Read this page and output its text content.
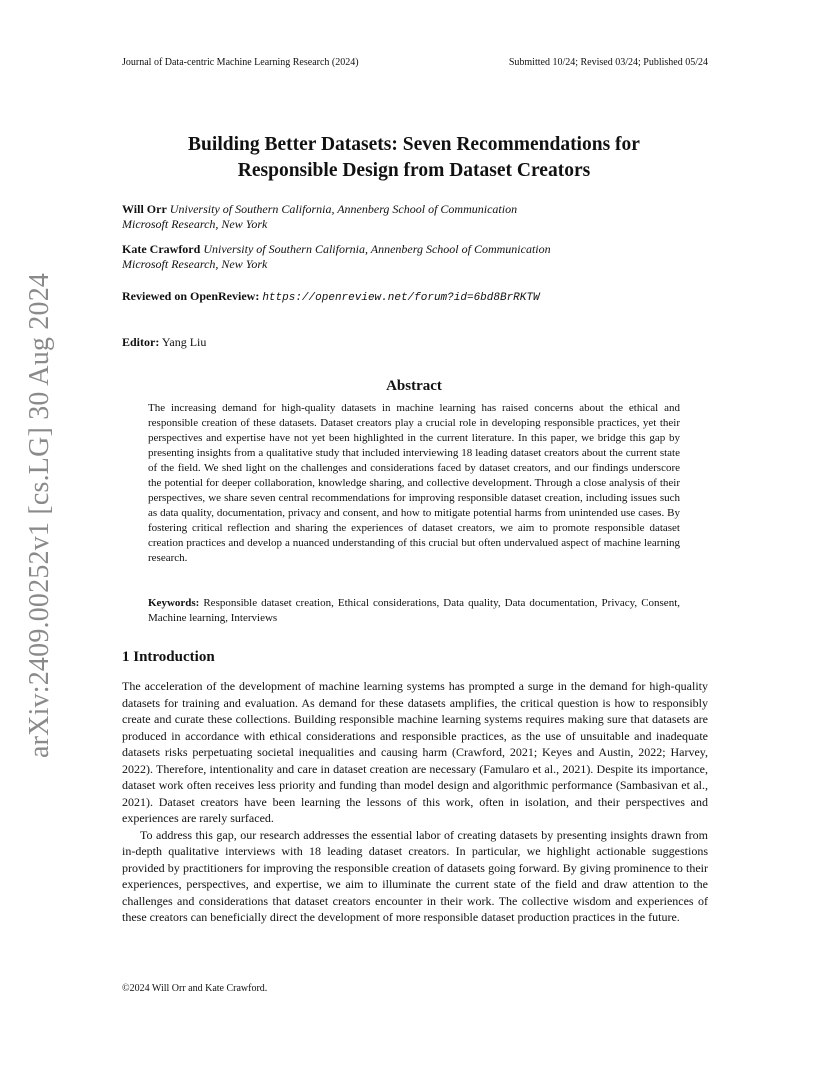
Journal of Data-centric Machine Learning Research (2024)	Submitted 10/24; Revised 03/24; Published 05/24
arXiv:2409.00252v1 [cs.LG] 30 Aug 2024
Building Better Datasets: Seven Recommendations for
Responsible Design from Dataset Creators
Will Orr University of Southern California, Annenberg School of Communication
Microsoft Research, New York
Kate Crawford University of Southern California, Annenberg School of Communication
Microsoft Research, New York
Reviewed on OpenReview: https://openreview.net/forum?id=6bd8BrRKTW
Editor: Yang Liu
Abstract
The increasing demand for high-quality datasets in machine learning has raised concerns about the ethical and responsible creation of these datasets. Dataset creators play a crucial role in developing responsible practices, yet their perspectives and expertise have not yet been highlighted in the current literature. In this paper, we bridge this gap by presenting insights from a qualitative study that included interviewing 18 leading dataset creators about the current state of the field. We shed light on the challenges and considerations faced by dataset creators, and our findings underscore the potential for deeper collaboration, knowledge sharing, and collective development. Through a close analysis of their perspectives, we share seven central recommendations for improving responsible dataset creation, including issues such as data quality, documentation, privacy and consent, and how to mitigate potential harms from unintended use cases. By fostering critical reflection and sharing the experiences of dataset creators, we aim to promote responsible dataset creation practices and develop a nuanced understanding of this crucial but often undervalued aspect of machine learning research.
Keywords: Responsible dataset creation, Ethical considerations, Data quality, Data documentation, Privacy, Consent, Machine learning, Interviews
1 Introduction

The acceleration of the development of machine learning systems has prompted a surge in the demand for high-quality datasets for training and evaluation. As demand for these datasets amplifies, the critical question is how to responsibly create and curate these collections. Building responsible machine learning systems requires making sure that datasets are produced in accordance with ethical considerations and responsible practices, as the use of unsuitable and inadequate datasets risks perpetuating societal inequalities and causing harm (Crawford, 2021; Keyes and Austin, 2022; Harvey, 2022). Therefore, intentionality and care in dataset creation are necessary (Famularo et al., 2021). Despite its importance, dataset work often receives less priority and funding than model design and algorithmic performance (Sambasivan et al., 2021). Dataset creators have been learning the lessons of this work, often in isolation, and their perspectives and experiences are rarely surfaced.

To address this gap, our research addresses the essential labor of creating datasets by presenting insights drawn from in-depth qualitative interviews with 18 leading dataset creators. In particular, we highlight actionable suggestions provided by practitioners for improving the responsible creation of datasets going forward. By giving prominence to their experiences, perspectives, and expertise, we aim to illuminate the current state of the field and draw attention to the challenges and considerations that dataset creators encounter in their work. The collective wisdom and experiences of these creators can beneficially direct the development of more responsible dataset production practices in the future.

©2024 Will Orr and Kate Crawford.
